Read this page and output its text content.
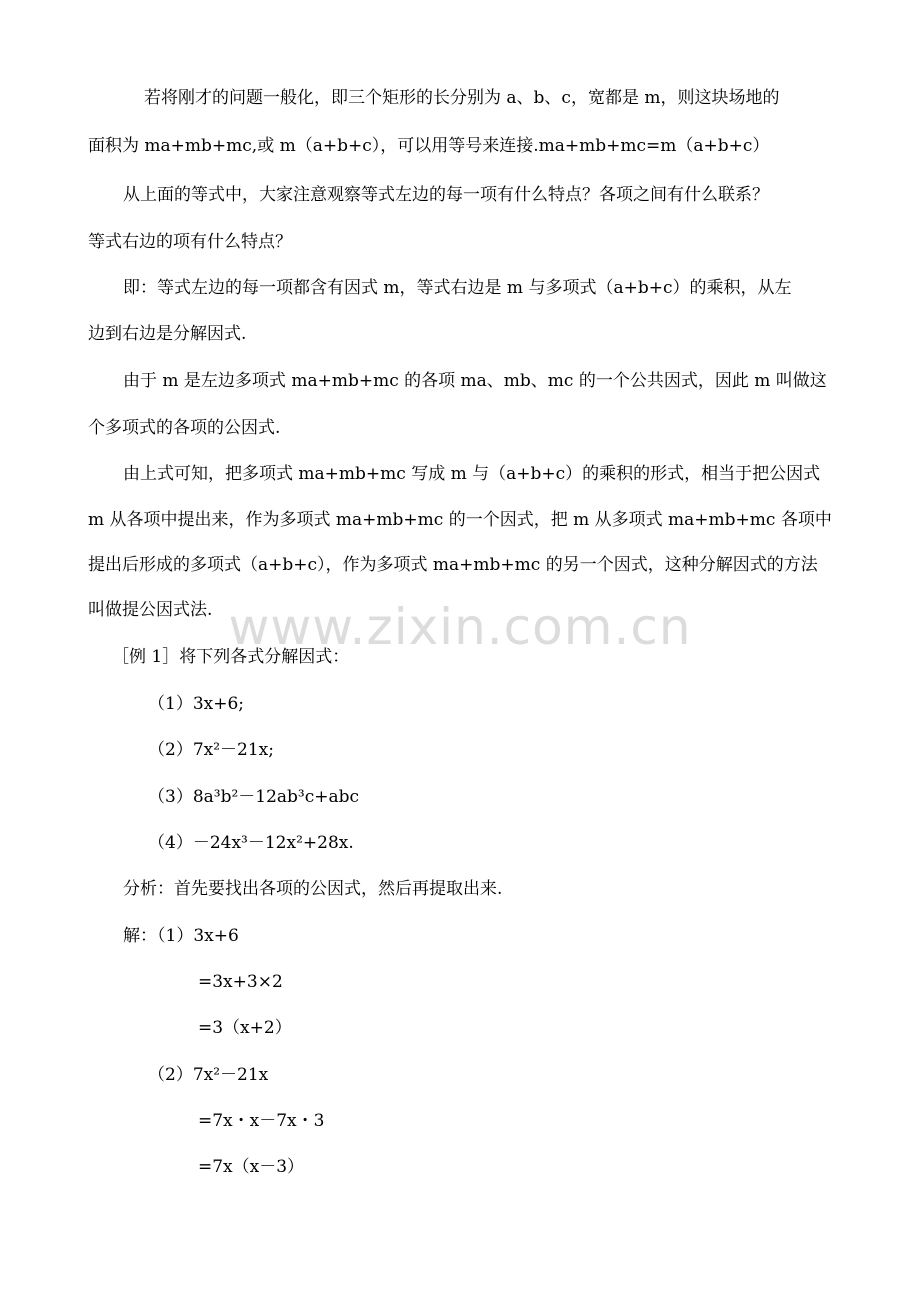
若将刚才的问题一般化，即三个矩形的长分别为 a、b、c，宽都是 m，则这块场地的
面积为 ma+mb+mc,或 m（a+b+c），可以用等号来连接.ma+mb+mc=m（a+b+c）
从上面的等式中，大家注意观察等式左边的每一项有什么特点？各项之间有什么联系？
等式右边的项有什么特点？
即：等式左边的每一项都含有因式 m，等式右边是 m 与多项式（a+b+c）的乘积，从左
边到右边是分解因式.
由于 m 是左边多项式 ma+mb+mc 的各项 ma、mb、mc 的一个公共因式，因此 m 叫做这
个多项式的各项的公因式.
由上式可知，把多项式 ma+mb+mc 写成 m 与（a+b+c）的乘积的形式，相当于把公因式
m 从各项中提出来，作为多项式 ma+mb+mc 的一个因式，把 m 从多项式 ma+mb+mc 各项中
提出后形成的多项式（a+b+c），作为多项式 ma+mb+mc 的另一个因式，这种分解因式的方法
叫做提公因式法. www.zixin.com.cn
［例 1］将下列各式分解因式：
（1）3x+6;
（2）7x²－21x;
（3）8a³b²－12ab³c+abc
（4）－24x³－12x²+28x.
分析：首先要找出各项的公因式，然后再提取出来.
解：（1）3x+6
=3x+3×2
=3（x+2）
（2）7x²－21x
=7x・x－7x・3
=7x（x－3）
